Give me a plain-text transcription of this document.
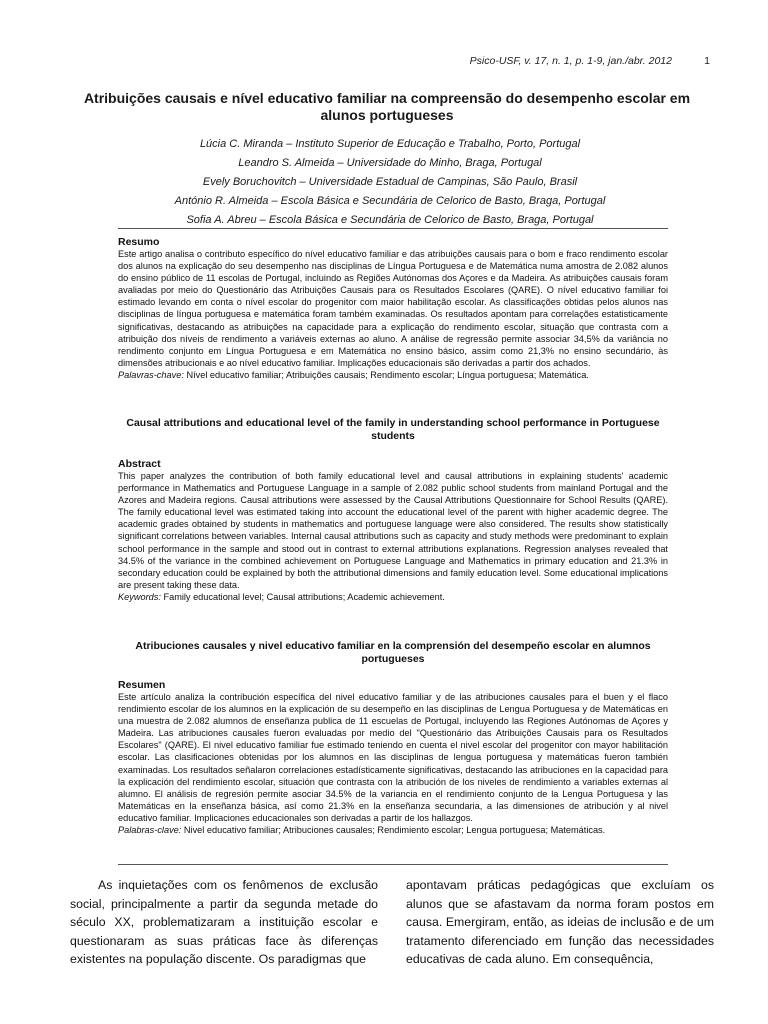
Psico-USF, v. 17, n. 1, p. 1-9, jan./abr. 2012	1
Atribuições causais e nível educativo familiar na compreensão do desempenho escolar em alunos portugueses
Lúcia C. Miranda – Instituto Superior de Educação e Trabalho, Porto, Portugal
Leandro S. Almeida – Universidade do Minho, Braga, Portugal
Evely Boruchovitch – Universidade Estadual de Campinas, São Paulo, Brasil
António R. Almeida – Escola Básica e Secundária de Celorico de Basto, Braga, Portugal
Sofia A. Abreu – Escola Básica e Secundária de Celorico de Basto, Braga, Portugal
Resumo

Este artigo analisa o contributo específico do nível educativo familiar e das atribuições causais para o bom e fraco rendimento escolar dos alunos na explicação do seu desempenho nas disciplinas de Língua Portuguesa e de Matemática numa amostra de 2.082 alunos do ensino público de 11 escolas de Portugal, incluindo as Regiões Autónomas dos Açores e da Madeira. As atribuições causais foram avaliadas por meio do Questionário das Atribuições Causais para os Resultados Escolares (QARE). O nível educativo familiar foi estimado levando em conta o nível escolar do progenitor com maior habilitação escolar. As classificações obtidas pelos alunos nas disciplinas de língua portuguesa e matemática foram também examinadas. Os resultados apontam para correlações estatisticamente significativas, destacando as atribuições na capacidade para a explicação do rendimento escolar, situação que contrasta com a atribuição dos níveis de rendimento a variáveis externas ao aluno. A análise de regressão permite associar 34,5% da variância no rendimento conjunto em Língua Portuguesa e em Matemática no ensino básico, assim como 21,3% no ensino secundário, às dimensões atribucionais e ao nível educativo familiar. Implicações educacionais são derivadas a partir dos achados.

Palavras-chave: Nível educativo familiar; Atribuições causais; Rendimento escolar; Língua portuguesa; Matemática.
Causal attributions and educational level of the family in understanding school performance in Portuguese students
Abstract

This paper analyzes the contribution of both family educational level and causal attributions in explaining students' academic performance in Mathematics and Portuguese Language in a sample of 2.082 public school students from mainland Portugal and the Azores and Madeira regions. Causal attributions were assessed by the Causal Attributions Questionnaire for School Results (QARE). The family educational level was estimated taking into account the educational level of the parent with higher academic degree. The academic grades obtained by students in mathematics and portuguese language were also considered. The results show statistically significant correlations between variables. Internal causal attributions such as capacity and study methods were predominant to explain school performance in the sample and stood out in contrast to external attributions explanations. Regression analyses revealed that 34.5% of the variance in the combined achievement on Portuguese Language and Mathematics in primary education and 21.3% in secondary education could be explained by both the attributional dimensions and family education level. Some educational implications are present taking these data.

Keywords: Family educational level; Causal attributions; Academic achievement.
Atribuciones causales y nivel educativo familiar en la comprensión del desempeño escolar en alumnos portugueses
Resumen

Este artículo analiza la contribución específica del nivel educativo familiar y de las atribuciones causales para el buen y el flaco rendimiento escolar de los alumnos en la explicación de su desempeño en las disciplinas de Lengua Portuguesa y de Matemáticas en una muestra de 2.082 alumnos de enseñanza publica de 11 escuelas de Portugal, incluyendo las Regiones Autónomas de Açores y Madeira. Las atribuciones causales fueron evaluadas por medio del "Questionário das Atribuições Causais para os Resultados Escolares" (QARE). El nivel educativo familiar fue estimado teniendo en cuenta el nivel escolar del progenitor con mayor habilitación escolar. Las clasificaciones obtenidas por los alumnos en las disciplinas de lengua portuguesa y matemáticas fueron también examinadas. Los resultados señalaron correlaciones estadísticamente significativas, destacando las atribuciones en la capacidad para la explicación del rendimiento escolar, situación que contrasta con la atribución de los niveles de rendimiento a variables externas al alumno. El análisis de regresión permite asociar 34.5% de la variancia en el rendimiento conjunto de la Lengua Portuguesa y las Matemáticas en la enseñanza básica, así como 21.3% en la enseñanza secundaria, a las dimensiones de atribución y al nivel educativo familiar. Implicaciones educacionales son derivadas a partir de los hallazgos.

Palabras-clave: Nivel educativo familiar; Atribuciones causales; Rendimiento escolar; Lengua portuguesa; Matemáticas.
As inquietações com os fenômenos de exclusão social, principalmente a partir da segunda metade do século XX, problematizaram a instituição escolar e questionaram as suas práticas face às diferenças existentes na população discente. Os paradigmas que
apontavam práticas pedagógicas que excluíam os alunos que se afastavam da norma foram postos em causa. Emergiram, então, as ideias de inclusão e de um tratamento diferenciado em função das necessidades educativas de cada aluno. Em consequência,
